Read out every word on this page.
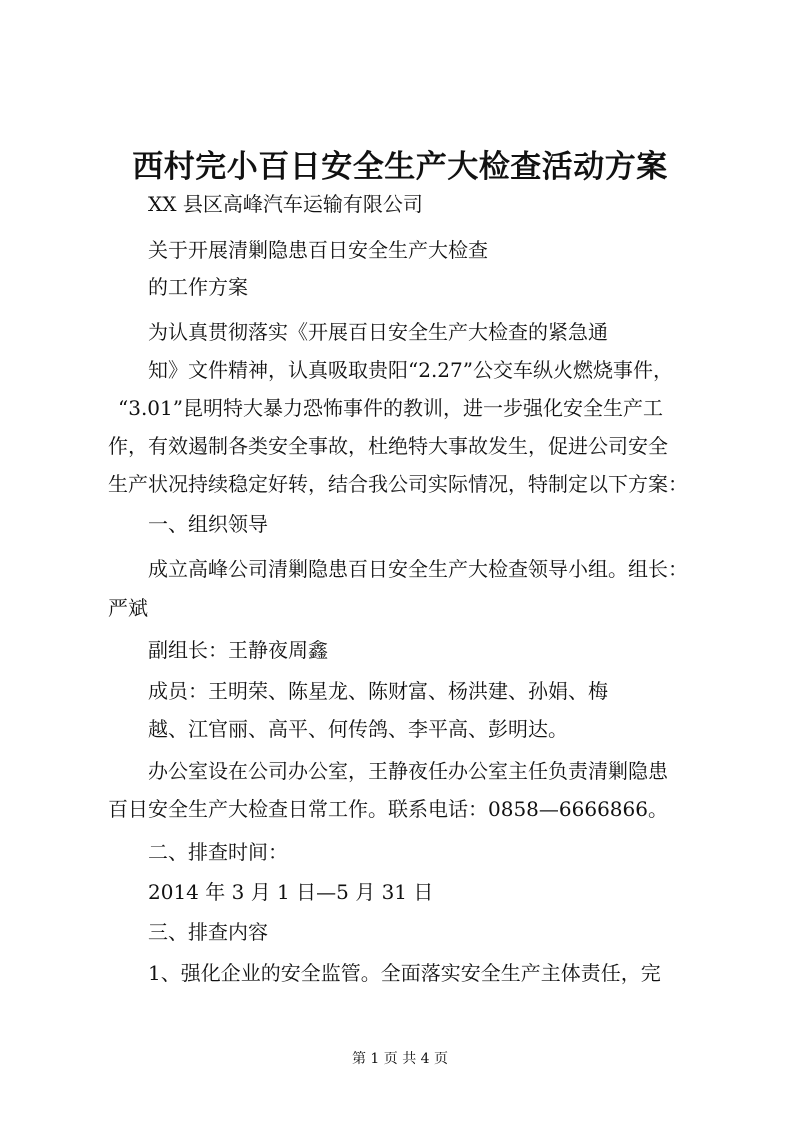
西村完小百日安全生产大检查活动方案
XX 县区高峰汽车运输有限公司
关于开展清剿隐患百日安全生产大检查
的工作方案
为认真贯彻落实《开展百日安全生产大检查的紧急通
知》文件精神，认真吸取贵阳“2.27”公交车纵火燃烧事件，
“3.01”昆明特大暴力恐怖事件的教训，进一步强化安全生产工
作，有效遏制各类安全事故，杜绝特大事故发生，促进公司安全
生产状况持续稳定好转，结合我公司实际情况，特制定以下方案：
一、组织领导
成立高峰公司清剿隐患百日安全生产大检查领导小组。组长：
严斌
副组长：王静夜周鑫
成员：王明荣、陈星龙、陈财富、杨洪建、孙娟、梅
越、江官丽、高平、何传鸽、李平高、彭明达。
办公室设在公司办公室，王静夜任办公室主任负责清剿隐患
百日安全生产大检查日常工作。联系电话：0858—6666866。
二、排查时间：
2014 年 3 月 1 日—5 月 31 日
三、排查内容
1、强化企业的安全监管。全面落实安全生产主体责任，完
第 1 页 共 4 页
